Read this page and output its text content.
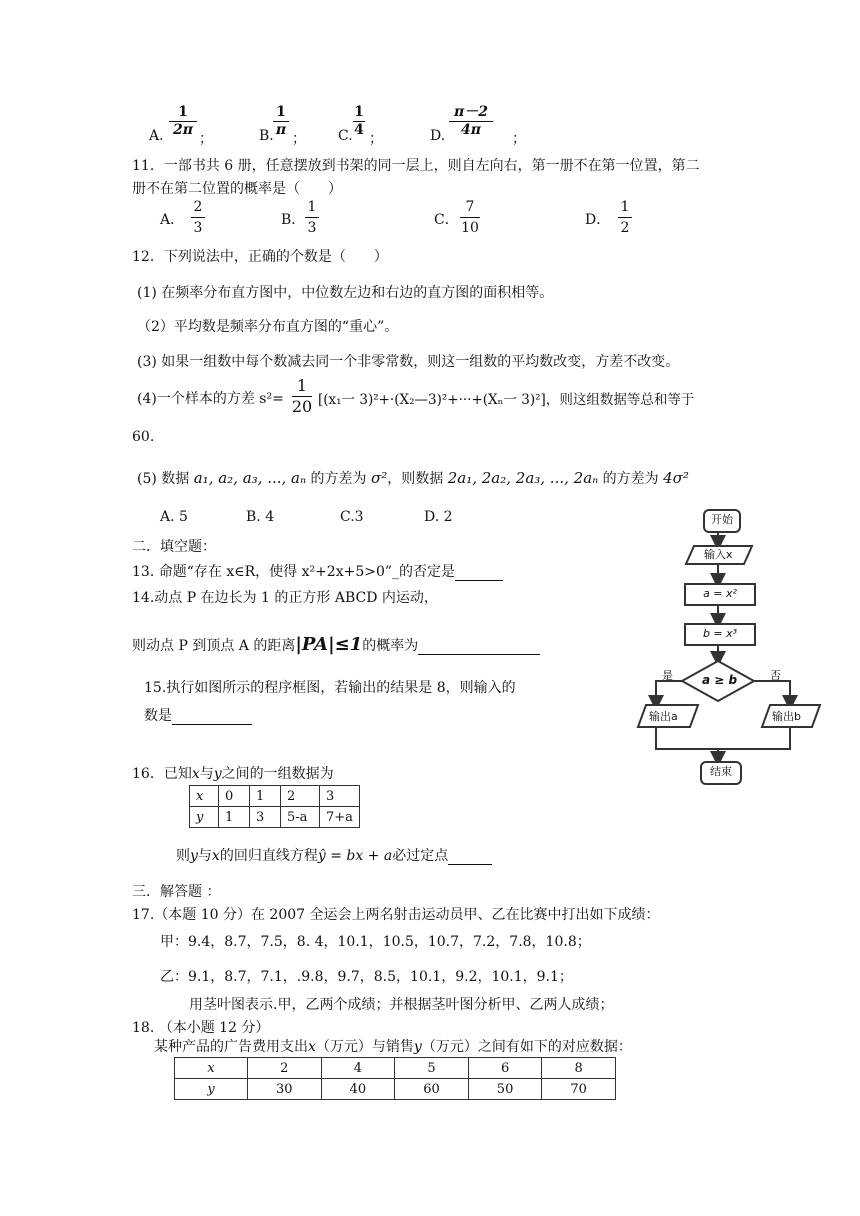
A.
1
2π
；	B.
1
π
； C.
1
4
；	D.
π－2
4π
；
11．一部书共 6 册，任意摆放到书架的同一层上，则自左向右，第一册不在第一位置，第二
册不在第二位置的概率是（　　）
A．
2
3	B．
1
3	C．
7
10	D．
1
2
12．下列说法中，正确的个数是（　　）
(1) 在频率分布直方图中，中位数左边和右边的直方图的面积相等。
（2）平均数是频率分布直方图的“重心”。
(3) 如果一组数中每个数减去同一个非零常数，则这一组数的平均数改变，方差不改变。
(4)一个样本的方差 s²=
1
20 [(x₁一 3)²+·(X₂—3)²+···+(Xₙ一 3)²]，则这组数据等总和等于
60.
(5) 数据 a₁, a₂, a₃, ..., aₙ 的方差为 σ²，则数据 2a₁, 2a₂, 2a₃, ..., 2aₙ 的方差为 4σ²
A. 5	B. 4	C.3	D. 2
二．填空题：
13. 命题“存在 x∈R，使得 x²+2x+5>0”_的否定是
14.动点 P 在边长为 1 的正方形 ABCD 内运动，
则动点 P 到顶点 A 的距离|PA|≤1的概率为
15.执行如图所示的程序框图，若输出的结果是 8，则输入的
数是
开始
输入x
a = x²
b = x³
a ≥ b
是	否
输出a	输出b
结束
16．已知x与y之间的一组数据为
x	0	1	2	3
y	1	3	5-a	7+a
则y与x的回归直线方程ŷ = bx + a必过定点
三．解答题 ：
17.（本题 10 分）在 2007 全运会上两名射击运动员甲、乙在比赛中打出如下成绩：
甲：9.4，8.7，7.5，8. 4，10.1，10.5，10.7，7.2，7.8，10.8；
乙：9.1，8.7，7.1，.9.8，9.7，8.5，10.1，9.2，10.1，9.1；
用茎叶图表示.甲，乙两个成绩；并根据茎叶图分析甲、乙两人成绩；
18. （本小题 12 分）
某种产品的广告费用支出x（万元）与销售y（万元）之间有如下的对应数据：
x	2	4	5	6	8
y	30	40	60	50	70
